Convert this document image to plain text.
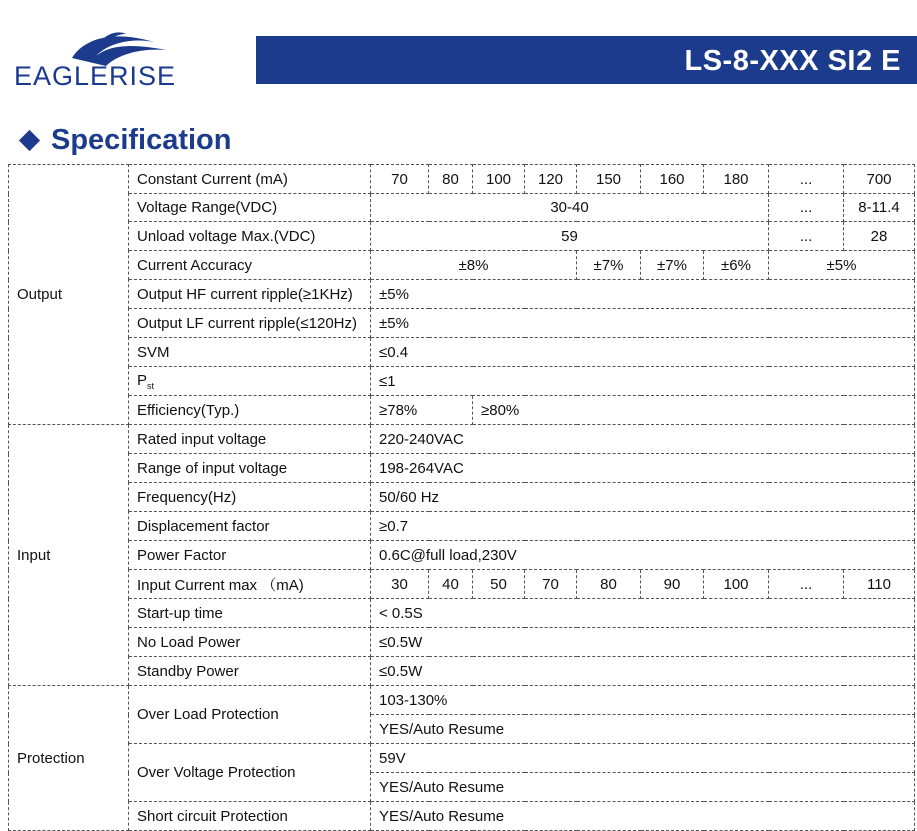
EAGLERISE	LS-8-XXX SI2 E
Specification
Output	Constant Current (mA)	70	80	100	120	150	160	180	...	700
	Voltage Range(VDC)	30-40							...	8-11.4
	Unload voltage Max.(VDC)	59							...	28
	Current Accuracy	±8%				±7%	±7%	±6%	±5%	
	Output HF current ripple(≥1KHz)	±5%								
	Output LF current ripple(≤120Hz)	±5%								
	SVM	≤0.4								
	$P_{st}$	≤1								
	Efficiency(Typ.)	≥78%		≥80%						
Input	Rated input voltage	220-240VAC								
	Range of input voltage	198-264VAC								
	Frequency(Hz)	50/60 Hz								
	Displacement factor	≥0.7								
	Power Factor	0.6C@full load,230V								
	Input Current max （mA)	30	40	50	70	80	90	100	...	110
	Start-up time	< 0.5S								
	No Load Power	≤0.5W								
	Standby Power	≤0.5W								
Protection	Over Load Protection	103-130%								
		YES/Auto Resume								
	Over Voltage Protection	59V								
		YES/Auto Resume								
	Short circuit Protection	YES/Auto Resume								
